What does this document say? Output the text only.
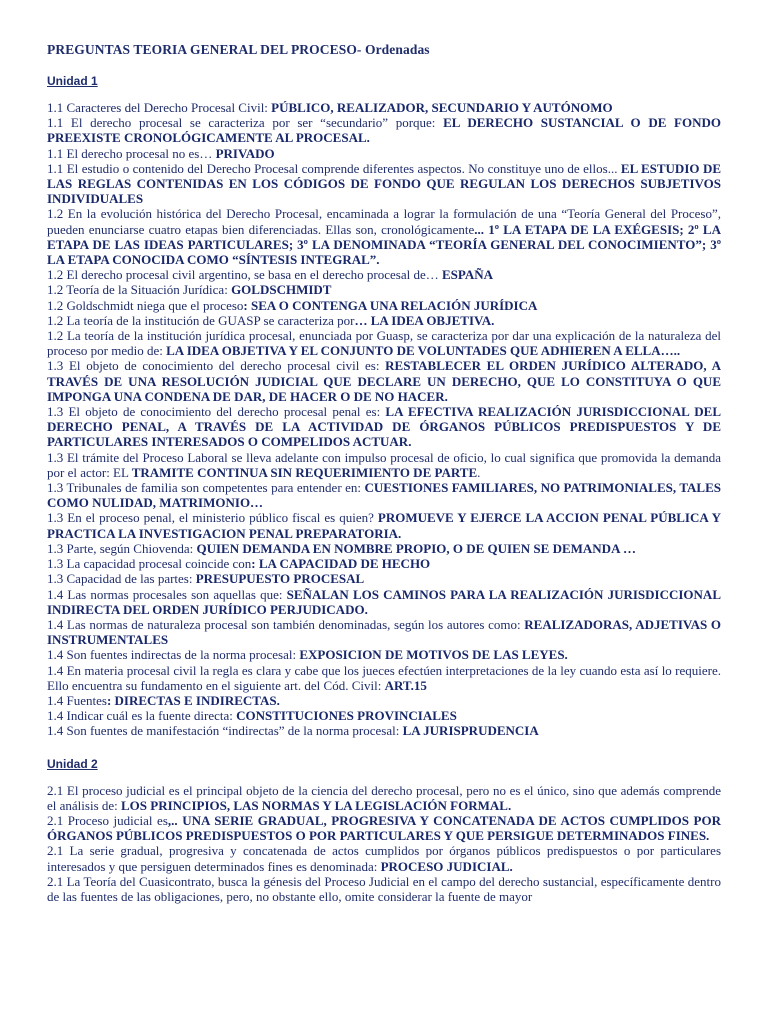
PREGUNTAS TEORIA GENERAL DEL PROCESO- Ordenadas
Unidad 1

1.1 Caracteres del Derecho Procesal Civil: PÚBLICO, REALIZADOR, SECUNDARIO Y AUTÓNOMO

1.1 El derecho procesal se caracteriza por ser “secundario” porque: EL DERECHO SUSTANCIAL O DE FONDO PREEXISTE CRONOLÓGICAMENTE AL PROCESAL.

1.1 El derecho procesal no es… PRIVADO

1.1 El estudio o contenido del Derecho Procesal comprende diferentes aspectos. No constituye uno de ellos... EL ESTUDIO DE LAS REGLAS CONTENIDAS EN LOS CÓDIGOS DE FONDO QUE REGULAN LOS DERECHOS SUBJETIVOS INDIVIDUALES

1.2 En la evolución histórica del Derecho Procesal, encaminada a lograr la formulación de una “Teoría General del Proceso”, pueden enunciarse cuatro etapas bien diferenciadas. Ellas son, cronológicamente... 1º LA ETAPA DE LA EXÉGESIS; 2º LA ETAPA DE LAS IDEAS PARTICULARES; 3º LA DENOMINADA “TEORÍA GENERAL DEL CONOCIMIENTO”; 3º LA ETAPA CONOCIDA COMO “SÍNTESIS INTEGRAL”.

1.2 El derecho procesal civil argentino, se basa en el derecho procesal de… ESPAÑA

1.2 Teoría de la Situación Jurídica: GOLDSCHMIDT

1.2 Goldschmidt niega que el proceso: SEA O CONTENGA UNA RELACIÓN JURÍDICA

1.2 La teoría de la institución de GUASP se caracteriza por… LA IDEA OBJETIVA.

1.2 La teoría de la institución jurídica procesal, enunciada por Guasp, se caracteriza por dar una explicación de la naturaleza del proceso por medio de: LA IDEA OBJETIVA Y EL CONJUNTO DE VOLUNTADES QUE ADHIEREN A ELLA…..

1.3 El objeto de conocimiento del derecho procesal civil es: RESTABLECER EL ORDEN JURÍDICO ALTERADO, A TRAVÉS DE UNA RESOLUCIÓN JUDICIAL QUE DECLARE UN DERECHO, QUE LO CONSTITUYA O QUE IMPONGA UNA CONDENA DE DAR, DE HACER O DE NO HACER.

1.3 El objeto de conocimiento del derecho procesal penal es: LA EFECTIVA REALIZACIÓN JURISDICCIONAL DEL DERECHO PENAL, A TRAVÉS DE LA ACTIVIDAD DE ÓRGANOS PÚBLICOS PREDISPUESTOS Y DE PARTICULARES INTERESADOS O COMPELIDOS ACTUAR.

1.3 El trámite del Proceso Laboral se lleva adelante con impulso procesal de oficio, lo cual significa que promovida la demanda por el actor: EL TRAMITE CONTINUA SIN REQUERIMIENTO DE PARTE.

1.3 Tribunales de familia son competentes para entender en: CUESTIONES FAMILIARES, NO PATRIMONIALES, TALES COMO NULIDAD, MATRIMONIO…

1.3 En el proceso penal, el ministerio público fiscal es quien? PROMUEVE Y EJERCE LA ACCION PENAL PÚBLICA Y PRACTICA LA INVESTIGACION PENAL PREPARATORIA.

1.3 Parte, según Chiovenda: QUIEN DEMANDA EN NOMBRE PROPIO, O DE QUIEN SE DEMANDA …

1.3 La capacidad procesal coincide con: LA CAPACIDAD DE HECHO

1.3 Capacidad de las partes: PRESUPUESTO PROCESAL

1.4 Las normas procesales son aquellas que: SEÑALAN LOS CAMINOS PARA LA REALIZACIÓN JURISDICCIONAL INDIRECTA DEL ORDEN JURÍDICO PERJUDICADO.

1.4 Las normas de naturaleza procesal son también denominadas, según los autores como: REALIZADORAS, ADJETIVAS O INSTRUMENTALES

1.4 Son fuentes indirectas de la norma procesal: EXPOSICION DE MOTIVOS DE LAS LEYES.

1.4 En materia procesal civil la regla es clara y cabe que los jueces efectúen interpretaciones de la ley cuando esta así lo requiere. Ello encuentra su fundamento en el siguiente art. del Cód. Civil: ART.15

1.4 Fuentes: DIRECTAS E INDIRECTAS.

1.4 Indicar cuál es la fuente directa: CONSTITUCIONES PROVINCIALES

1.4 Son fuentes de manifestación “indirectas” de la norma procesal: LA JURISPRUDENCIA

Unidad 2

2.1 El proceso judicial es el principal objeto de la ciencia del derecho procesal, pero no es el único, sino que además comprende el análisis de: LOS PRINCIPIOS, LAS NORMAS Y LA LEGISLACIÓN FORMAL.

2.1 Proceso judicial es,.. UNA SERIE GRADUAL, PROGRESIVA Y CONCATENADA DE ACTOS CUMPLIDOS POR ÓRGANOS PÚBLICOS PREDISPUESTOS O POR PARTICULARES Y QUE PERSIGUE DETERMINADOS FINES.

2.1 La serie gradual, progresiva y concatenada de actos cumplidos por órganos públicos predispuestos o por particulares interesados y que persiguen determinados fines es denominada: PROCESO JUDICIAL.

2.1 La Teoría del Cuasicontrato, busca la génesis del Proceso Judicial en el campo del derecho sustancial, específicamente dentro de las fuentes de las obligaciones, pero, no obstante ello, omite considerar la fuente de mayor
